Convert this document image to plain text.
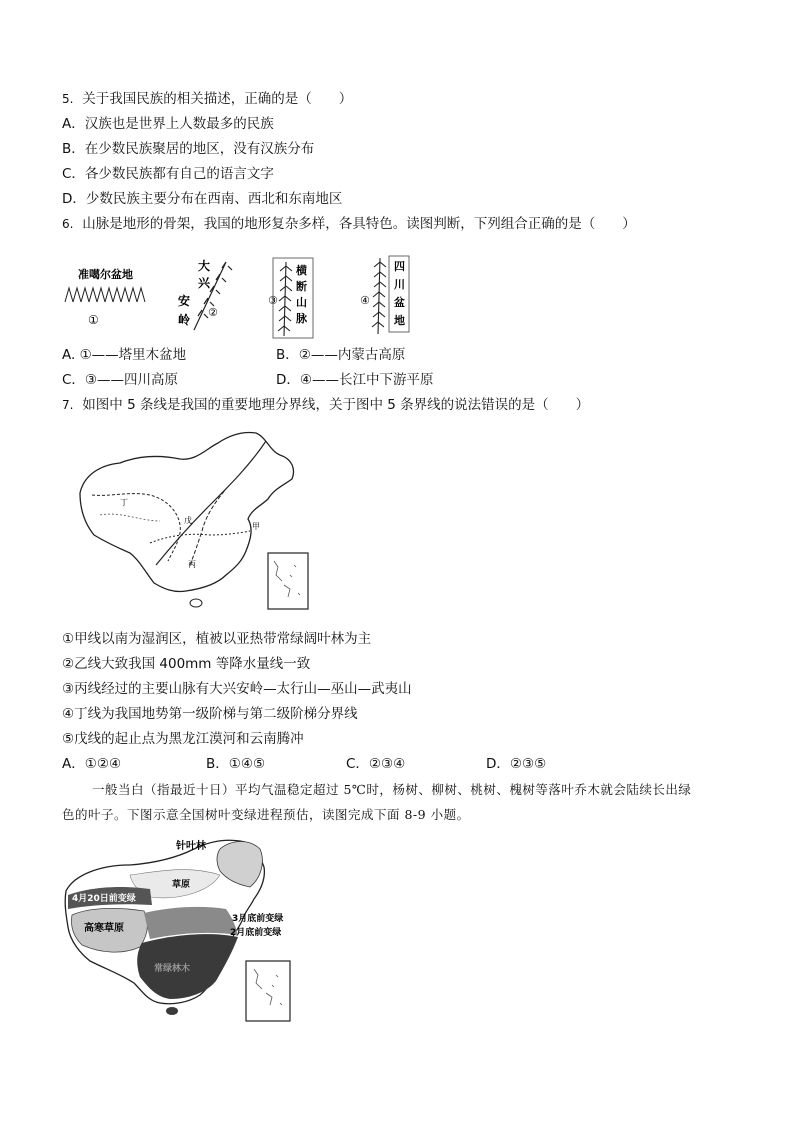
5. 关于我国民族的相关描述，正确的是（　　）
A．汉族也是世界上人数最多的民族
B．在少数民族聚居的地区，没有汉族分布
C．各少数民族都有自己的语言文字
D．少数民族主要分布在西南、西北和东南地区
6. 山脉是地形的骨架，我国的地形复杂多样，各具特色。读图判断，下列组合正确的是（　　）
准噶尔盆地
①
大
兴
安
岭
②
③
横
断
山
脉
④
四
川
盆
地
A. ①——塔里木盆地	B．②——内蒙古高原
C．③——四川高原	D．④——长江中下游平原
7. 如图中 5 条线是我国的重要地理分界线，关于图中 5 条界线的说法错误的是（　　）
丁
戊
甲
丙
①甲线以南为湿润区，植被以亚热带常绿阔叶林为主
②乙线大致我国 400mm 等降水量线一致
③丙线经过的主要山脉有大兴安岭—太行山—巫山—武夷山
④丁线为我国地势第一级阶梯与第二级阶梯分界线
⑤戊线的起止点为黑龙江漠河和云南腾冲
A．①②④	B．①④⑤	C．②③④	D．②③⑤
一般当白（指最近十日）平均气温稳定超过 5℃时，杨树、柳树、桃树、槐树等落叶乔木就会陆续长出绿
色的叶子。下图示意全国树叶变绿进程预估，读图完成下面 8-9 小题。
针叶林
草原
4月20日前变绿
高寒草原
3月底前变绿
2月底前变绿
常绿林木
